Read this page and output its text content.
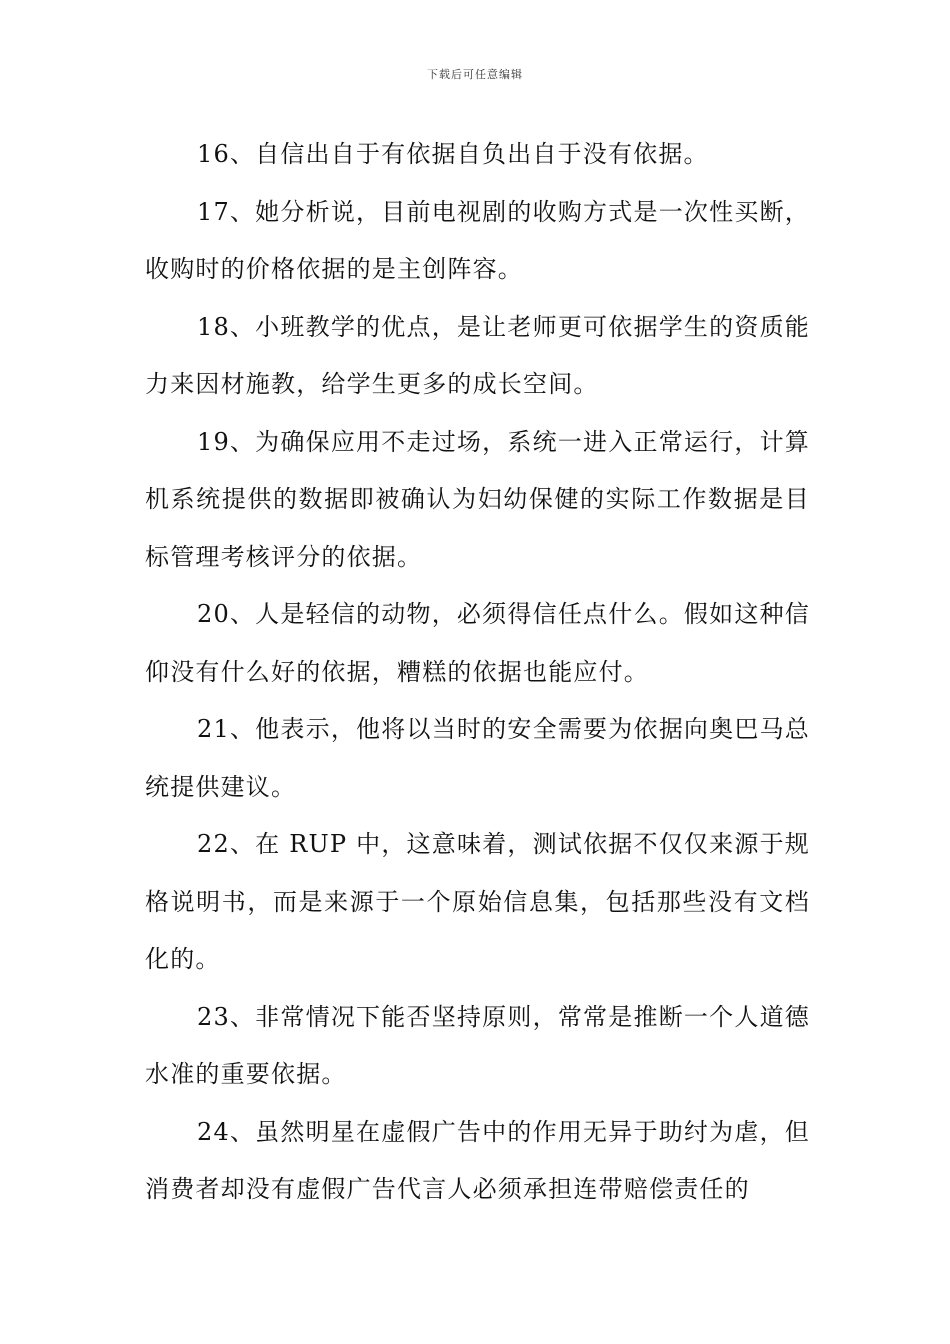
下载后可任意编辑

16、自信出自于有依据自负出自于没有依据。

17、她分析说，目前电视剧的收购方式是一次性买断，收购时的价格依据的是主创阵容。

18、小班教学的优点，是让老师更可依据学生的资质能力来因材施教，给学生更多的成长空间。

19、为确保应用不走过场，系统一进入正常运行，计算机系统提供的数据即被确认为妇幼保健的实际工作数据是目标管理考核评分的依据。

20、人是轻信的动物，必须得信任点什么。假如这种信仰没有什么好的依据，糟糕的依据也能应付。

21、他表示，他将以当时的安全需要为依据向奥巴马总统提供建议。

22、在 RUP 中，这意味着，测试依据不仅仅来源于规格说明书，而是来源于一个原始信息集，包括那些没有文档化的。

23、非常情况下能否坚持原则，常常是推断一个人道德水准的重要依据。

24、虽然明星在虚假广告中的作用无异于助纣为虐，但消费者却没有虚假广告代言人必须承担连带赔偿责任的
